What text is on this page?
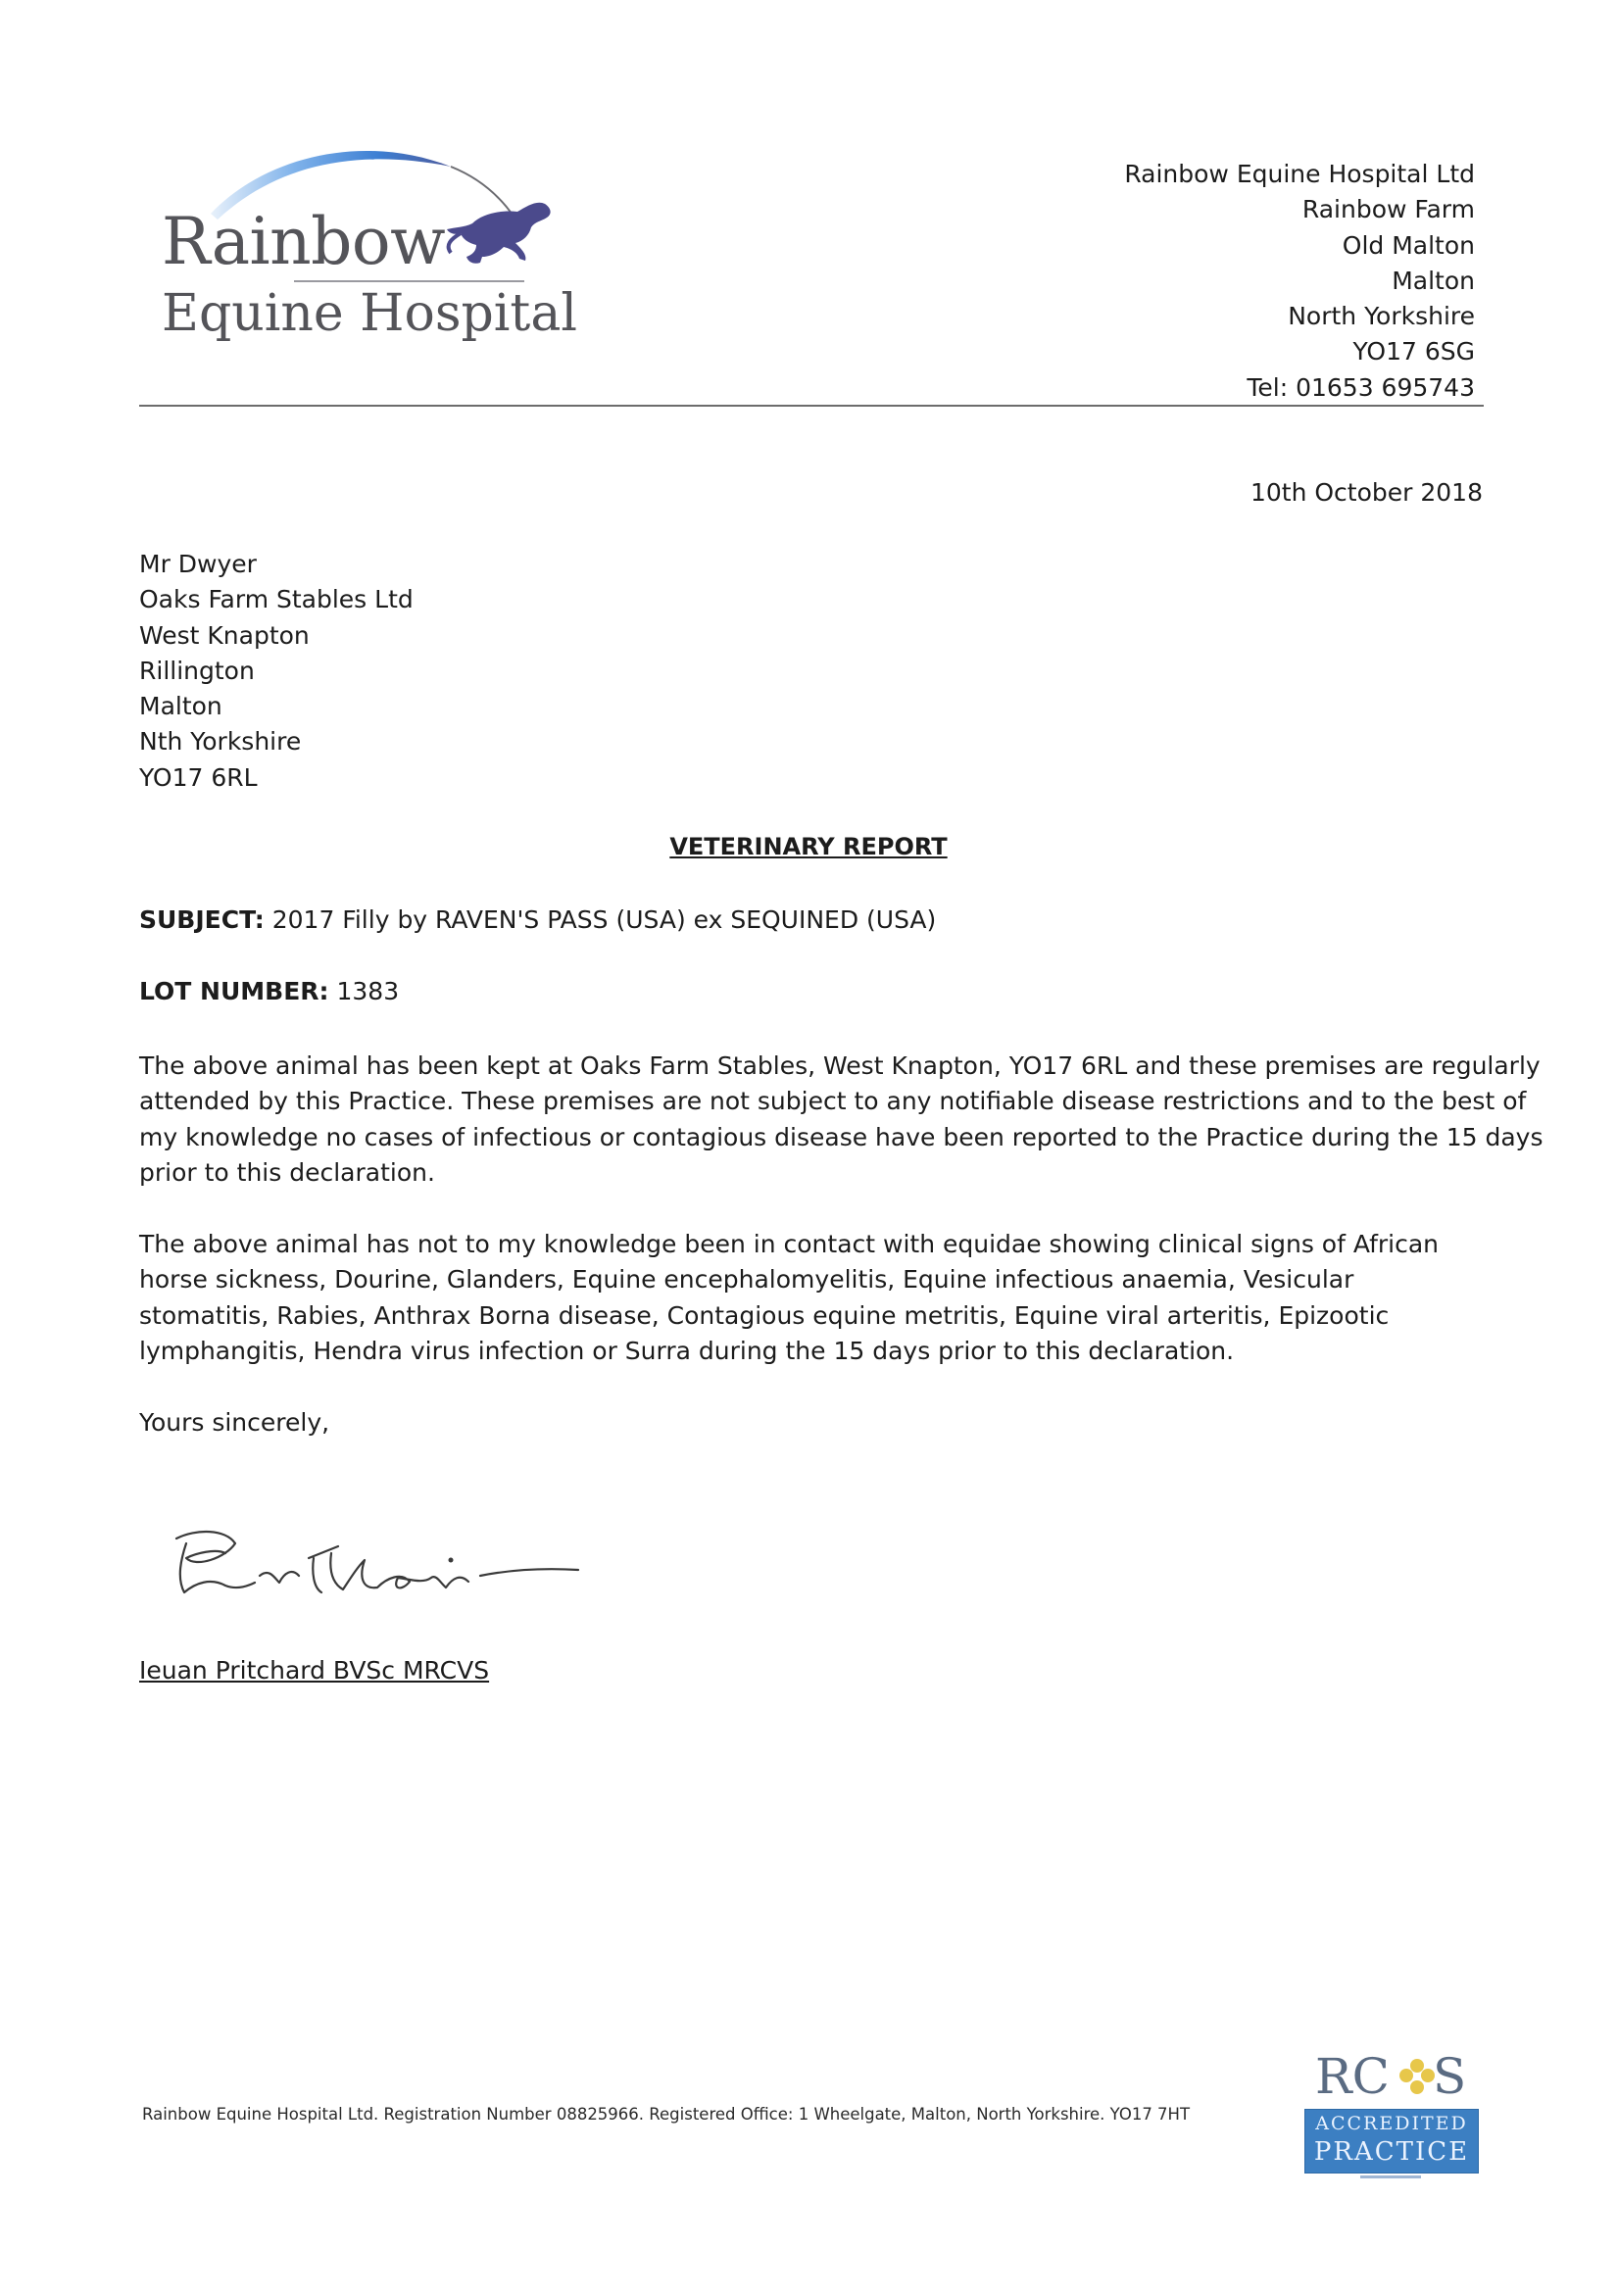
Rainbow
Equine Hospital
Rainbow Equine Hospital Ltd
Rainbow Farm
Old Malton
Malton
North Yorkshire
YO17 6SG
Tel: 01653 695743
10th October 2018
Mr Dwyer
Oaks Farm Stables Ltd
West Knapton
Rillington
Malton
Nth Yorkshire
YO17 6RL
VETERINARY REPORT
SUBJECT: 2017 Filly by RAVEN'S PASS (USA) ex SEQUINED (USA)
LOT NUMBER: 1383
The above animal has been kept at Oaks Farm Stables, West Knapton, YO17 6RL and these premises are regularly
attended by this Practice. These premises are not subject to any notifiable disease restrictions and to the best of
my knowledge no cases of infectious or contagious disease have been reported to the Practice during the 15 days
prior to this declaration.
The above animal has not to my knowledge been in contact with equidae showing clinical signs of African
horse sickness, Dourine, Glanders, Equine encephalomyelitis, Equine infectious anaemia, Vesicular
stomatitis, Rabies, Anthrax Borna disease, Contagious equine metritis, Equine viral arteritis, Epizootic
lymphangitis, Hendra virus infection or Surra during the 15 days prior to this declaration.
Yours sincerely,
Ieuan Pritchard BVSc MRCVS
Rainbow Equine Hospital Ltd. Registration Number 08825966. Registered Office: 1 Wheelgate, Malton, North Yorkshire. YO17 7HT
RC S
ACCREDITED
PRACTICE
